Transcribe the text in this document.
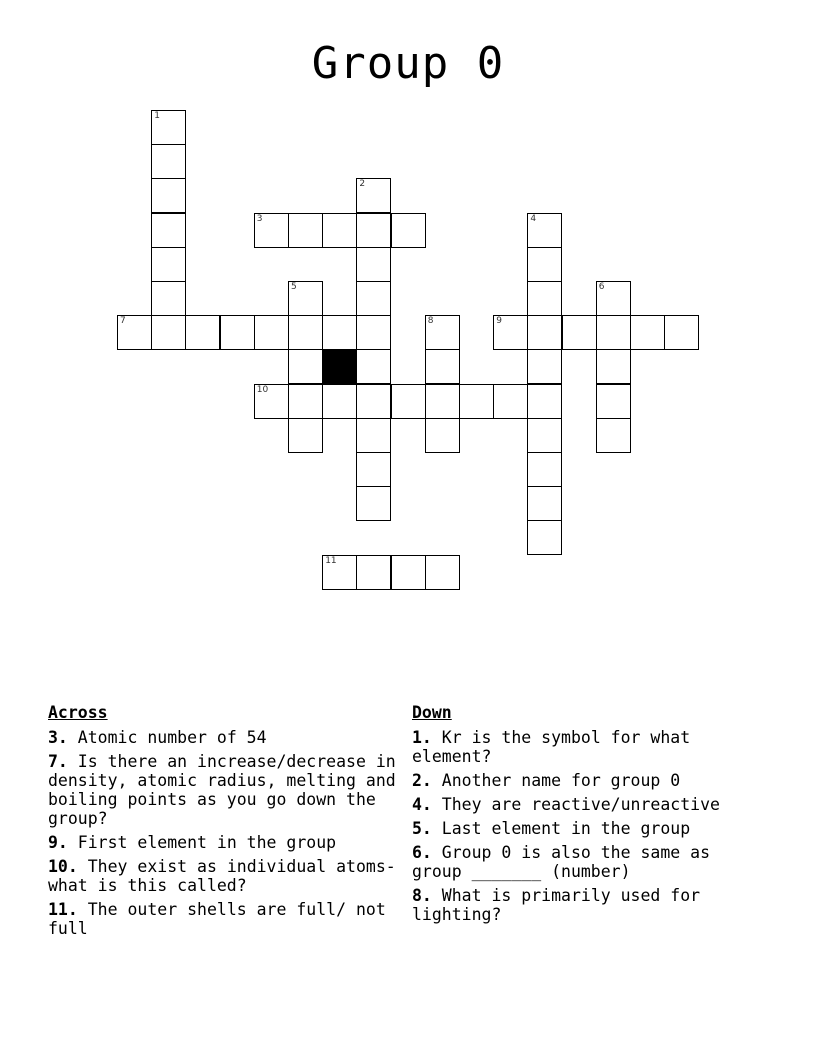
Group 0
1
2
3	4
5	6
7	8	9
10
11
Across
3. Atomic number of 54
7. Is there an increase/decrease in density, atomic radius, melting and boiling points as you go down the group?
9. First element in the group
10. They exist as individual atoms- what is this called?
11. The outer shells are full/ not full
Down
1. Kr is the symbol for what element?
2. Another name for group 0
4. They are reactive/unreactive
5. Last element in the group
6. Group 0 is also the same as group _______ (number)
8. What is primarily used for lighting?
